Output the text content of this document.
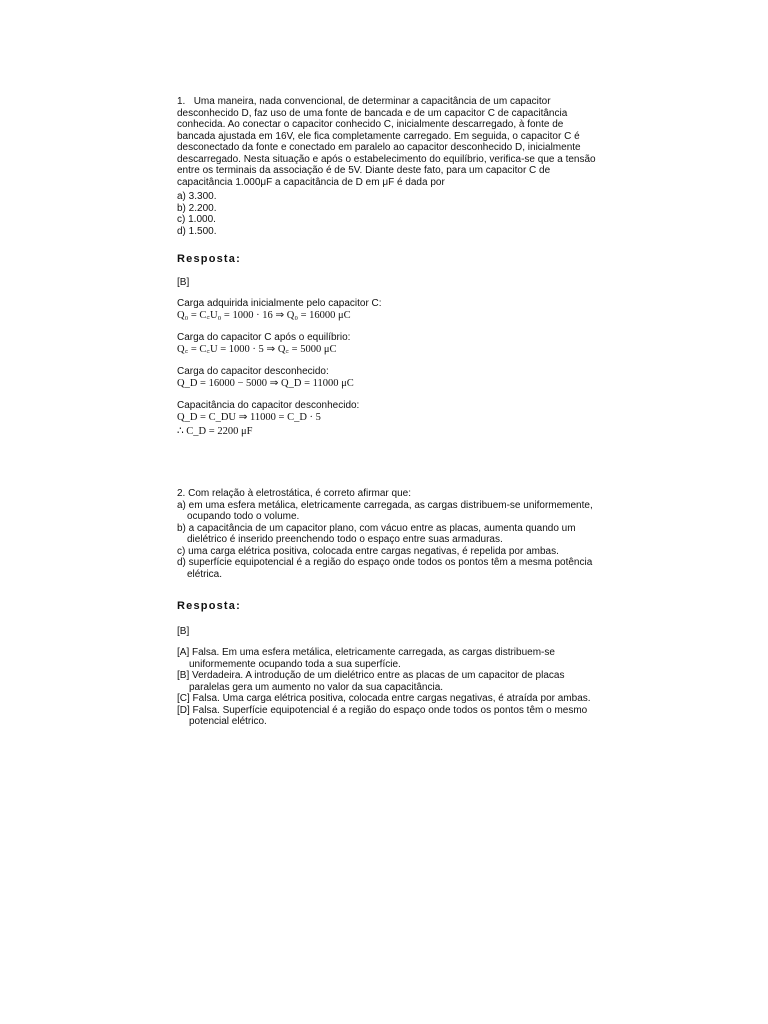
1. Uma maneira, nada convencional, de determinar a capacitância de um capacitor

desconhecido D, faz uso de uma fonte de bancada e de um capacitor C de capacitância

conhecida. Ao conectar o capacitor conhecido C, inicialmente descarregado, à fonte de

bancada ajustada em 16V, ele fica completamente carregado. Em seguida, o capacitor C é

desconectado da fonte e conectado em paralelo ao capacitor desconhecido D, inicialmente

descarregado. Nesta situação e após o estabelecimento do equilíbrio, verifica-se que a tensão

entre os terminais da associação é de 5V. Diante deste fato, para um capacitor C de

capacitância 1.000μF a capacitância de D em μF é dada por

a) 3.300.

b) 2.200.

c) 1.000.

d) 1.500.

Resposta:
[B]

Carga adquirida inicialmente pelo capacitor C:

Q₀ = C꜀U₀ = 1000 · 16 ⇒ Q₀ = 16000 μC

Carga do capacitor C após o equilíbrio:

Q꜀ = C꜀U = 1000 · 5 ⇒ Q꜀ = 5000 μC

Carga do capacitor desconhecido:

Q_D = 16000 − 5000 ⇒ Q_D = 11000 μC

Capacitância do capacitor desconhecido:

Q_D = C_DU ⇒ 11000 = C_D · 5

∴ C_D = 2200 μF

2. Com relação à eletrostática, é correto afirmar que:

a) em uma esfera metálica, eletricamente carregada, as cargas distribuem-se uniformemente, ocupando todo o volume.

b) a capacitância de um capacitor plano, com vácuo entre as placas, aumenta quando um dielétrico é inserido preenchendo todo o espaço entre suas armaduras.

c) uma carga elétrica positiva, colocada entre cargas negativas, é repelida por ambas.

d) superfície equipotencial é a região do espaço onde todos os pontos têm a mesma potência elétrica.

Resposta:
[B]

[A] Falsa. Em uma esfera metálica, eletricamente carregada, as cargas distribuem-se uniformemente ocupando toda a sua superfície.

[B] Verdadeira. A introdução de um dielétrico entre as placas de um capacitor de placas paralelas gera um aumento no valor da sua capacitância.

[C] Falsa. Uma carga elétrica positiva, colocada entre cargas negativas, é atraída por ambas.

[D] Falsa. Superfície equipotencial é a região do espaço onde todos os pontos têm o mesmo potencial elétrico.
